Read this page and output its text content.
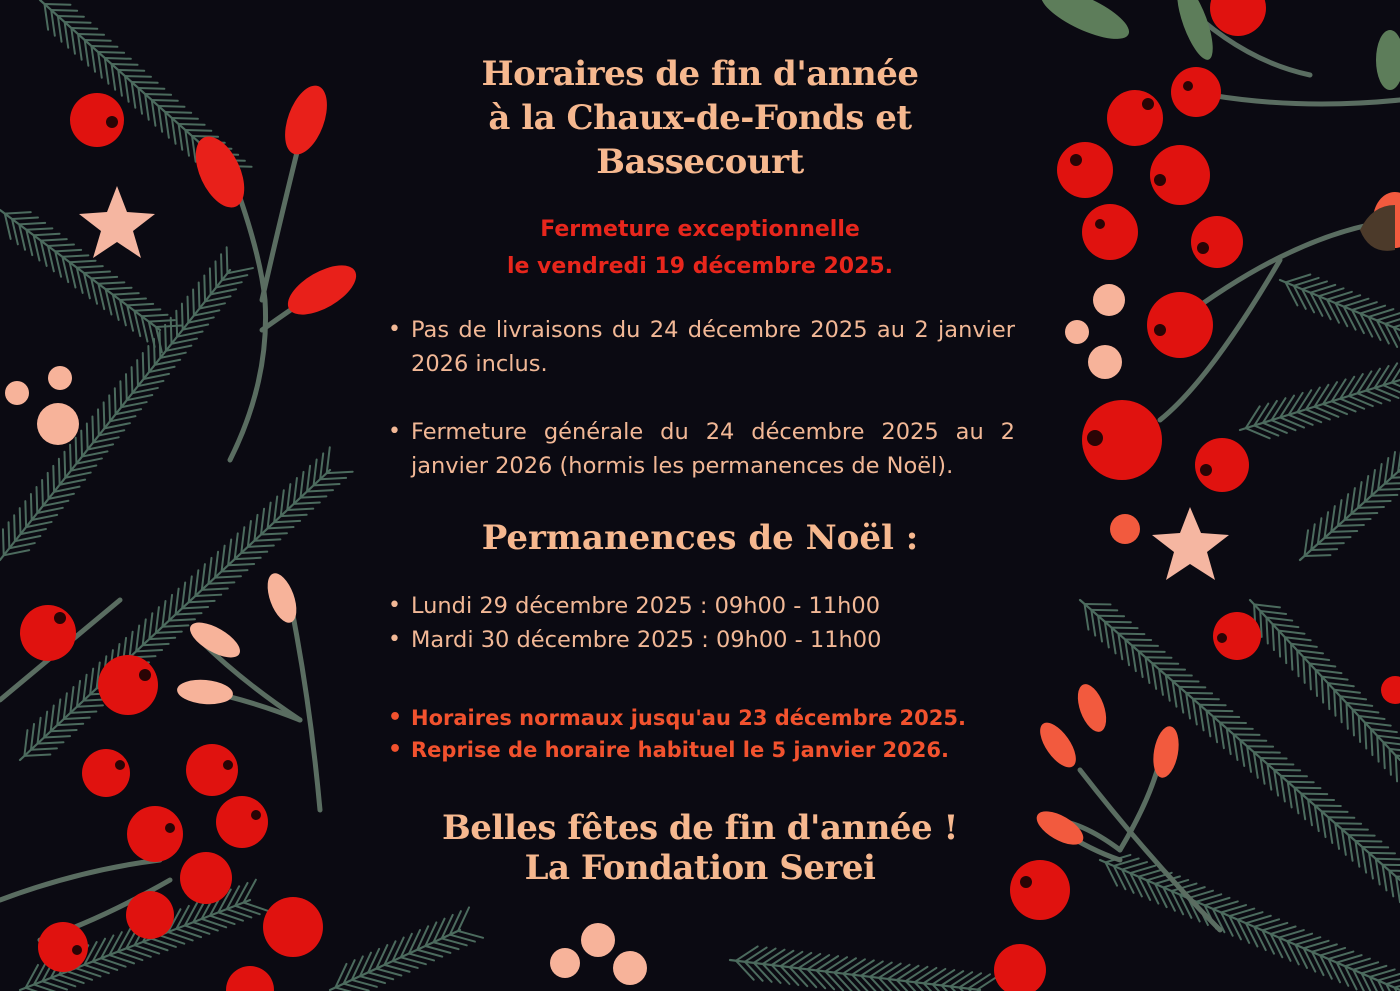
Horaires de fin d'année
à la Chaux-de-Fonds et
Bassecourt
Fermeture exceptionnelle
le vendredi 19 décembre 2025.
• Pas de livraisons du 24 décembre 2025 au 2 janvier 2026 inclus.
• Fermeture générale du 24 décembre 2025 au 2 janvier 2026 (hormis les permanences de Noël).
Permanences de Noël :
• Lundi 29 décembre 2025 : 09h00 - 11h00
• Mardi 30 décembre 2025 : 09h00 - 11h00
• Horaires normaux jusqu'au 23 décembre 2025.
• Reprise de horaire habituel le 5 janvier 2026.
Belles fêtes de fin d'année !
La Fondation Serei
